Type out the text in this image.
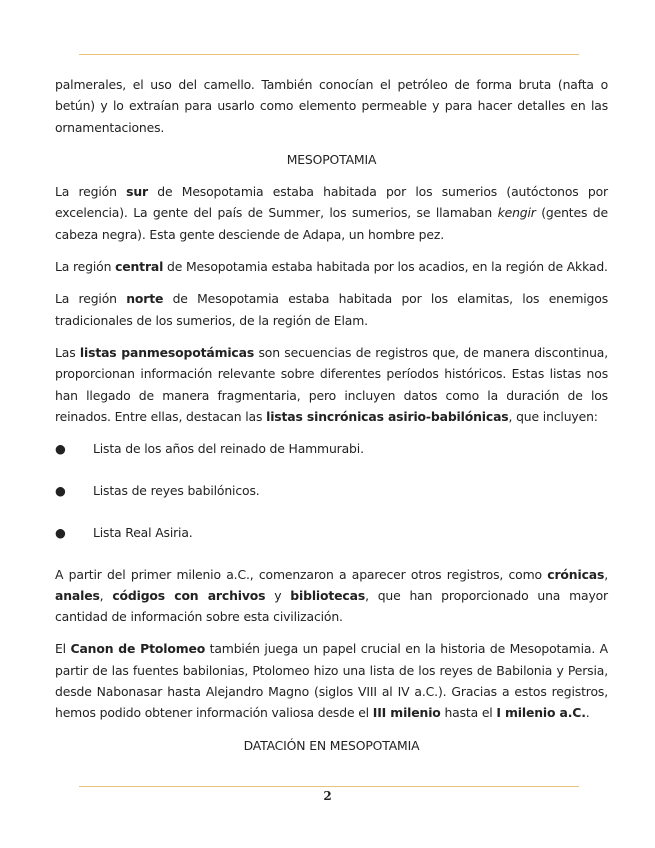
palmerales, el uso del camello. También conocían el petróleo de forma bruta (nafta o betún) y lo extraían para usarlo como elemento permeable y para hacer detalles en las ornamentaciones.

MESOPOTAMIA

La región sur de Mesopotamia estaba habitada por los sumerios (autóctonos por excelencia). La gente del país de Summer, los sumerios, se llamaban kengir (gentes de cabeza negra). Esta gente desciende de Adapa, un hombre pez.

La región central de Mesopotamia estaba habitada por los acadios, en la región de Akkad.

La región norte de Mesopotamia estaba habitada por los elamitas, los enemigos tradicionales de los sumerios, de la región de Elam.

Las listas panmesopotámicas son secuencias de registros que, de manera discontinua, proporcionan información relevante sobre diferentes períodos históricos. Estas listas nos han llegado de manera fragmentaria, pero incluyen datos como la duración de los reinados. Entre ellas, destacan las listas sincrónicas asirio-babilónicas, que incluyen:

● Lista de los años del reinado de Hammurabi.
● Listas de reyes babilónicos.
● Lista Real Asiria.

A partir del primer milenio a.C., comenzaron a aparecer otros registros, como crónicas, anales, códigos con archivos y bibliotecas, que han proporcionado una mayor cantidad de información sobre esta civilización.

El Canon de Ptolomeo también juega un papel crucial en la historia de Mesopotamia. A partir de las fuentes babilonias, Ptolomeo hizo una lista de los reyes de Babilonia y Persia, desde Nabonasar hasta Alejandro Magno (siglos VIII al IV a.C.). Gracias a estos registros, hemos podido obtener información valiosa desde el III milenio hasta el I milenio a.C..

DATACIÓN EN MESOPOTAMIA
2
